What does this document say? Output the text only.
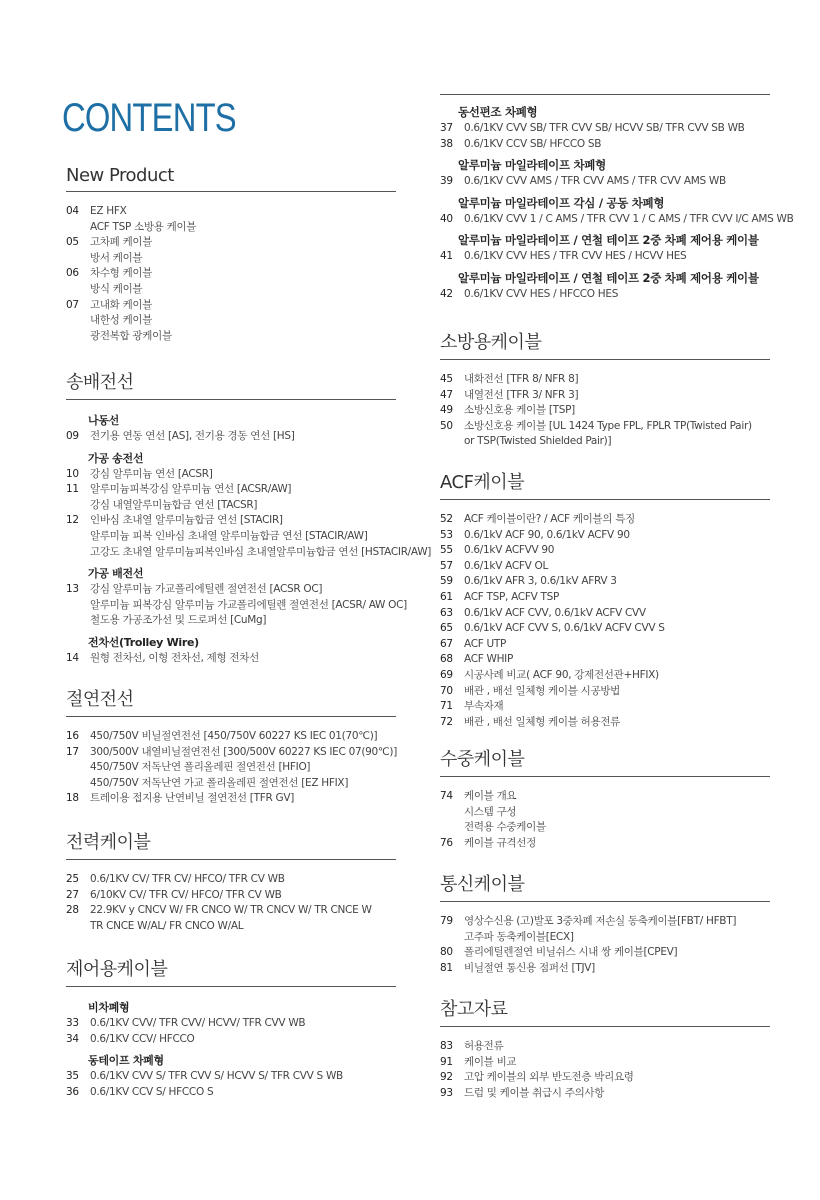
CONTENTS
New Product
04	EZ HFX
ACF TSP 소방용 케이블
05	고차폐 케이블
방서 케이블
06	차수형 케이블
방식 케이블
07	고내화 케이블
내한성 케이블
광전복합 광케이블
송배전선
나동선
09	전기용 연동 연선 [AS], 전기용 경동 연선 [HS]
가공 송전선
10	강심 알루미늄 연선 [ACSR]
11	알루미늄피복강심 알루미늄 연선 [ACSR/AW]
강심 내열알루미늄합금 연선 [TACSR]
12	인바심 초내열 알루미늄합금 연선 [STACIR]
알루미늄 피복 인바심 초내열 알루미늄합금 연선 [STACIR/AW]
고강도 초내열 알루미늄피복인바심 초내열알루미늄합금 연선 [HSTACIR/AW]
가공 배전선
13	강심 알루미늄 가교폴리에틸렌 절연전선 [ACSR OC]
알루미늄 피복강심 알루미늄 가교폴리에틸렌 절연전선 [ACSR/ AW OC]
철도용 가공조가선 및 드로퍼선 [CuMg]
전차선(Trolley Wire)
14	원형 전차선, 이형 전차선, 제형 전차선
절연전선
16	450/750V 비닐절연전선 [450/750V 60227 KS IEC 01(70℃)]
17	300/500V 내열비닐절연전선 [300/500V 60227 KS IEC 07(90℃)]
450/750V 저독난연 폴리올레핀 절연전선 [HFIO]
450/750V 저독난연 가교 폴리올레핀 절연전선 [EZ HFIX]
18	트레이용 접지용 난연비닐 절연전선 [TFR GV]
전력케이블
25	0.6/1KV CV/ TFR CV/ HFCO/ TFR CV WB
27	6/10KV CV/ TFR CV/ HFCO/ TFR CV WB
28	22.9KV y CNCV W/ FR CNCO W/ TR CNCV W/ TR CNCE W
TR CNCE W/AL/ FR CNCO W/AL
제어용케이블
비차폐형
33	0.6/1KV CVV/ TFR CVV/ HCVV/ TFR CVV WB
34	0.6/1KV CCV/ HFCCO
동테이프 차폐형
35	0.6/1KV CVV S/ TFR CVV S/ HCVV S/ TFR CVV S WB
36	0.6/1KV CCV S/ HFCCO S
동선편조 차폐형
37	0.6/1KV CVV SB/ TFR CVV SB/ HCVV SB/ TFR CVV SB WB
38	0.6/1KV CCV SB/ HFCCO SB
알루미늄 마일라테이프 차폐형
39	0.6/1KV CVV AMS / TFR CVV AMS / TFR CVV AMS WB
알루미늄 마일라테이프 각심 / 공동 차폐형
40	0.6/1KV CVV 1 / C AMS / TFR CVV 1 / C AMS / TFR CVV I/C AMS WB
알루미늄 마일라테이프 / 연철 테이프 2중 차폐 제어용 케이블
41	0.6/1KV CVV HES / TFR CVV HES / HCVV HES
알루미늄 마일라테이프 / 연철 테이프 2중 차폐 제어용 케이블
42	0.6/1KV CVV HES / HFCCO HES
소방용케이블
45	내화전선 [TFR 8/ NFR 8]
47	내열전선 [TFR 3/ NFR 3]
49	소방신호용 케이블 [TSP]
50	소방신호용 케이블 [UL 1424 Type FPL, FPLR TP(Twisted Pair)
or TSP(Twisted Shielded Pair)]
ACF케이블
52	ACF 케이블이란? / ACF 케이블의 특징
53	0.6/1kV ACF 90, 0.6/1kV ACFV 90
55	0.6/1kV ACFVV 90
57	0.6/1kV ACFV OL
59	0.6/1kV AFR 3, 0.6/1kV AFRV 3
61	ACF TSP, ACFV TSP
63	0.6/1kV ACF CVV, 0.6/1kV ACFV CVV
65	0.6/1kV ACF CVV S, 0.6/1kV ACFV CVV S
67	ACF UTP
68	ACF WHIP
69	시공사례 비교( ACF 90, 강제전선관+HFIX)
70	배관 , 배선 일체형 케이블 시공방법
71	부속자재
72	배관 , 배선 일체형 케이블 허용전류
수중케이블
74	케이블 개요
시스템 구성
전력용 수중케이블
76	케이블 규격선정
통신케이블
79	영상수신용 (고)발포 3중차폐 저손실 동축케이블[FBT/ HFBT]
고주파 동축케이블[ECX]
80	폴리에틸렌절연 비닐쉬스 시내 쌍 케이블[CPEV]
81	비닐절연 통신용 점퍼선 [TJV]
참고자료
83	허용전류
91	케이블 비교
92	고압 케이블의 외부 반도전층 박리요령
93	드럼 및 케이블 취급시 주의사항
